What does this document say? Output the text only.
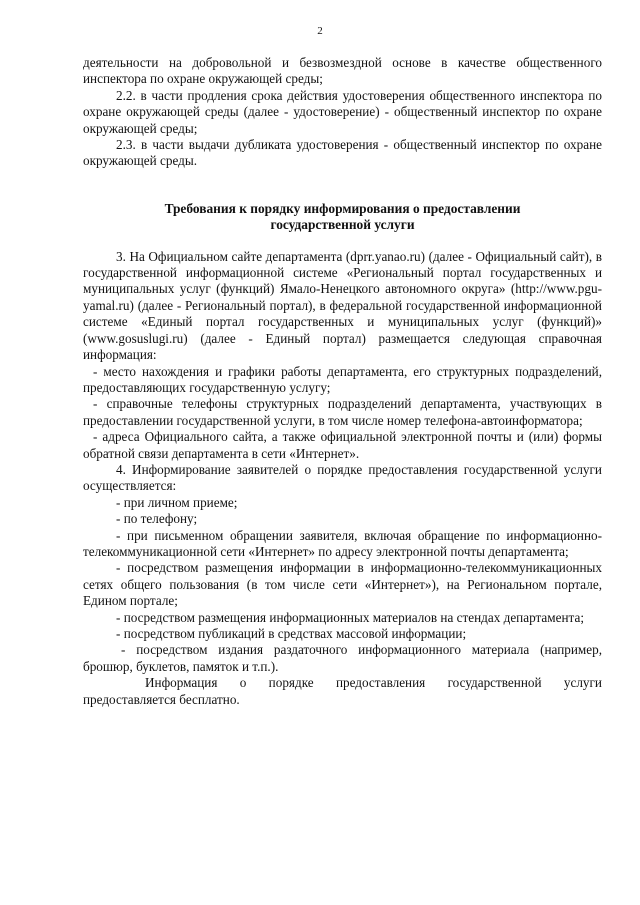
2

деятельности на добровольной и безвозмездной основе в качестве общественного инспектора по охране окружающей среды;

2.2. в части продления срока действия удостоверения общественного инспектора по охране окружающей среды (далее - удостоверение) - общественный инспектор по охране окружающей среды;

2.3. в части выдачи дубликата удостоверения - общественный инспектор по охране окружающей среды.

Требования к порядку информирования о предоставлении государственной услуги

3. На Официальном сайте департамента (dprr.yanao.ru) (далее - Официальный сайт), в государственной информационной системе «Региональный портал государственных и муниципальных услуг (функций) Ямало-Ненецкого автономного округа» (http://www.pgu-yamal.ru) (далее - Региональный портал), в федеральной государственной информационной системе «Единый портал государственных и муниципальных услуг (функций)» (www.gosuslugi.ru) (далее - Единый портал) размещается следующая справочная информация:

- место нахождения и графики работы департамента, его структурных подразделений, предоставляющих государственную услугу;

- справочные телефоны структурных подразделений департамента, участвующих в предоставлении государственной услуги, в том числе номер телефона-автоинформатора;

- адреса Официального сайта, а также официальной электронной почты и (или) формы обратной связи департамента в сети «Интернет».

4. Информирование заявителей о порядке предоставления государственной услуги осуществляется:

- при личном приеме;

- по телефону;

- при письменном обращении заявителя, включая обращение по информационно-телекоммуникационной сети «Интернет» по адресу электронной почты департамента;

- посредством размещения информации в информационно-телекоммуникационных сетях общего пользования (в том числе сети «Интернет»), на Региональном портале, Едином портале;

- посредством размещения информационных материалов на стендах департамента;

- посредством публикаций в средствах массовой информации;

- посредством издания раздаточного информационного материала (например, брошюр, буклетов, памяток и т.п.).

Информация о порядке предоставления государственной услуги предоставляется бесплатно.
